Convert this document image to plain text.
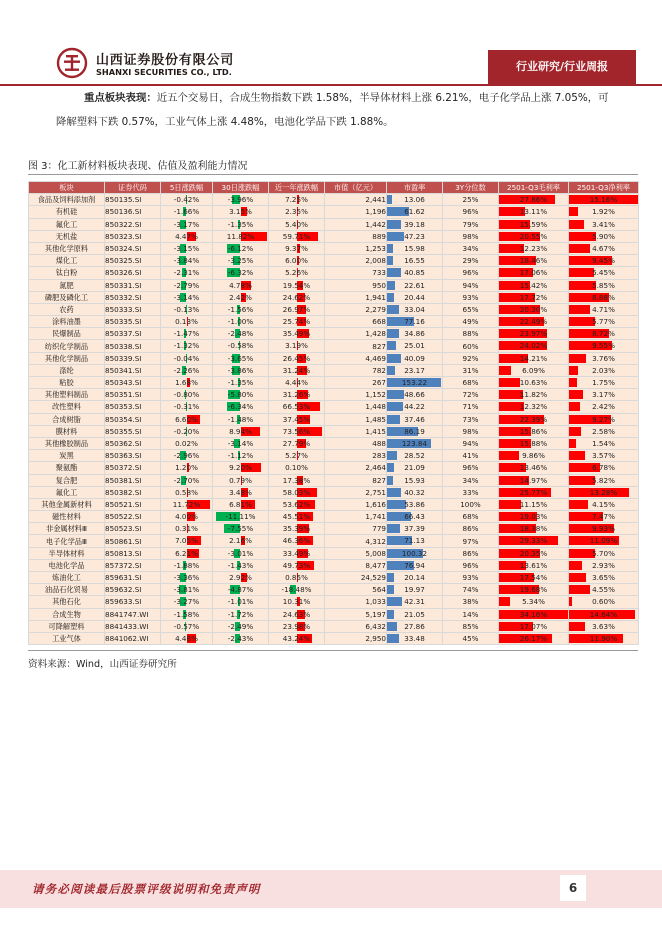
山西证券股份有限公司
SHANXI SECURITIES CO., LTD.	行业研究/行业周报
重点板块表现：近五个交易日，合成生物指数下跌 1.58%，半导体材料上涨 6.21%，电子化学品上涨 7.05%，可降解塑料下跌 0.57%，工业气体上涨 4.48%，电池化学品下跌 1.88%。
图 3：化工新材料板块表现、估值及盈利能力情况
板块	证券代码	5日涨跌幅	30日涨跌幅	近一年涨跌幅	市值（亿元）	市盈率	3Y分位数	2501-Q3毛利率	2501-Q3净利率
食品及饲料添加剂	850135.SI	-0.42%	-3.96%	7.25%	2,441	13.06	25%	27.86%	15.16%

有机硅	850136.SI	-1.66%	3.15%	2.35%	1,196	61.62	96%	13.11%	1.92%

氟化工	850322.SI	-3.17%	-1.35%	5.40%	1,442	39.18	79%	15.59%	3.41%

无机盐	850323.SI	4.47%	11.82%	59.71%	889	47.23	98%	20.55%	5.90%

其他化学原料	850324.SI	-3.15%	-6.12%	9.37%	1,253	15.98	34%	12.23%	4.67%

煤化工	850325.SI	-3.84%	-3.25%	6.00%	2,008	16.55	29%	18.46%	9.45%

钛白粉	850326.SI	-2.31%	-6.32%	5.26%	733	40.85	96%	17.06%	5.45%

氮肥	850331.SI	-2.79%	4.78%	19.54%	950	22.61	94%	15.42%	5.85%

磷肥及磷化工	850332.SI	-3.14%	2.42%	24.62%	1,941	20.44	93%	17.72%	8.88%

农药	850333.SI	-0.13%	-1.56%	26.97%	2,279	33.04	65%	20.30%	4.71%

涂料油墨	850335.SI	0.13%	-1.00%	25.74%	668	77.16	49%	22.49%	5.77%

民爆制品	850337.SI	-1.47%	-2.48%	35.49%	1,428	34.86	88%	23.97%	8.72%

纺织化学制品	850338.SI	-1.32%	-0.58%	3.19%	827	25.01	60%	24.02%	9.55%

其他化学制品	850339.SI	-0.04%	-3.65%	26.45%	4,469	40.09	92%	14.21%	3.76%

涤纶	850341.SI	-2.26%	-3.86%	31.24%	782	23.17	31%	6.09%	2.03%

粘胶	850343.SI	1.68%	-1.35%	4.44%	267	153.22	68%	10.63%	1.75%

其他塑料制品	850351.SI	-0.80%	-5.80%	31.26%	1,152	48.66	72%	11.82%	3.17%

改性塑料	850353.SI	-0.31%	-6.34%	66.53%	1,448	44.22	71%	12.32%	2.42%

合成树脂	850354.SI	6.60%	-1.48%	37.45%	1,485	37.46	73%	22.39%	9.27%

膜材料	850355.SI	-0.20%	8.94%	73.56%	1,415	86.19	98%	15.86%	2.58%

其他橡胶制品	850362.SI	0.02%	-3.14%	27.79%	488	123.84	94%	15.88%	1.54%

炭黑	850363.SI	-2.96%	-1.12%	5.27%	283	28.52	41%	9.86%	3.57%

聚氨酯	850372.SI	1.20%	9.20%	0.10%	2,464	21.09	96%	13.46%	6.78%

复合肥	850381.SI	-2.70%	0.79%	17.38%	827	15.93	34%	14.97%	5.82%

氟化工	850382.SI	0.58%	3.48%	58.03%	2,751	40.32	33%	25.77%	13.28%

其他金属新材料	850521.SI	11.72%	6.81%	53.62%	1,616	53.86	100%	11.15%	4.15%

磁性材料	850522.SI	4.00%	-11.11%	45.51%	1,741	66.43	68%	19.03%	7.47%

非金属材料Ⅲ	850523.SI	0.31%	-7.55%	35.39%	779	37.39	86%	18.38%	9.93%

电子化学品Ⅲ	850861.SI	7.05%	2.16%	46.36%	4,312	71.13	97%	29.33%	11.09%

半导体材料	850813.SI	6.21%	-3.01%	33.49%	5,008	100.32	86%	20.35%	5.70%

电池化学品	857372.SI	-1.88%	-1.43%	49.73%	8,477	76.94	96%	13.61%	2.93%

炼油化工	859631.SI	-3.36%	2.92%	0.85%	24,529	20.14	93%	17.54%	3.65%

油品石化贸易	859632.SI	-3.81%	-4.87%	-18.48%	564	19.97	74%	19.68%	4.55%

其他石化	859633.SI	-3.27%	-1.01%	10.31%	1,033	42.31	38%	5.34%	0.60%

合成生物	8841747.WI	-1.58%	-1.72%	24.63%	5,197	21.05	14%	34.16%	14.64%

可降解塑料	8841433.WI	-0.57%	-2.49%	23.98%	6,432	27.86	85%	17.07%	3.63%

工业气体	8841062.WI	4.48%	-2.43%	43.24%	2,950	33.48	45%	26.17%	11.90%
资料来源：Wind，山西证券研究所
请务必阅读最后股票评级说明和免责声明	6
